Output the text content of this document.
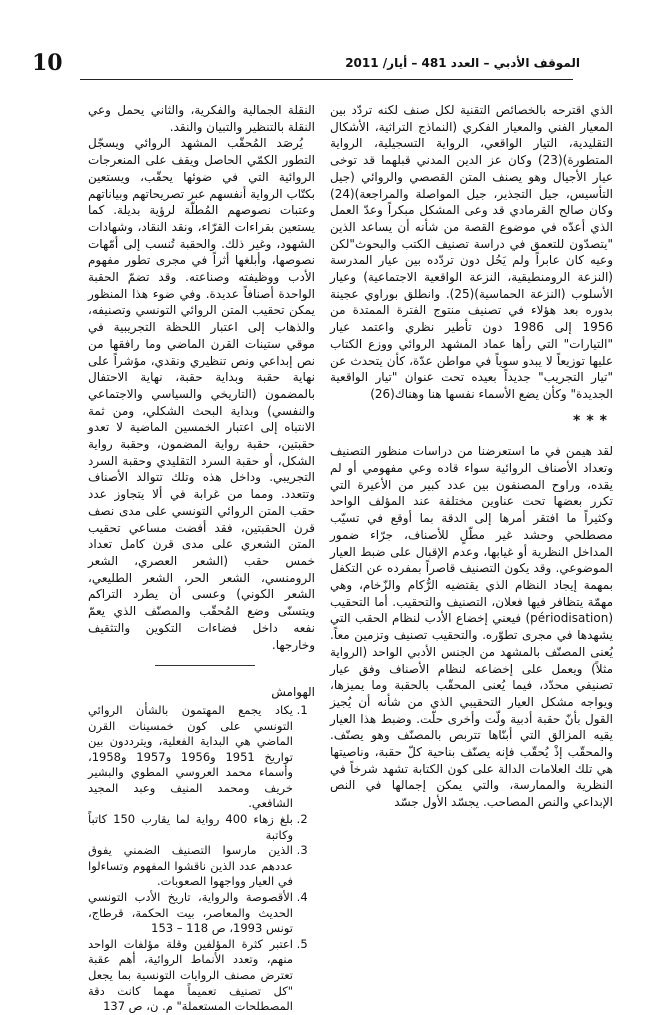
10	الموقف الأدبي – العدد 481 – أيار/ 2011

الذي اقترحه بالخصائص التقنية لكل صنف لكنه تردّد بين المعيار الفني والمعيار الفكري (النماذج التراثية، الأشكال التقليدية، التيار الواقعي، الرواية التسجيلية، الرواية المتطورة)(23) وكان عز الدين المدني قبلهما قد توخى عيار الأجيال وهو يصنف المتن القصصي والروائي (جيل التأسيس، جيل التجذير، جيل المواصلة والمراجعة)(24) وكان صالح القرمادي قد وعى المشكل مبكراً وعدّ العمل الذي أعدّه في موضوع القصة من شأنه أن يساعد الذين "يتصدّون للتعمق في دراسة تصنيف الكتب والبحوث"لكن وعيه كان عابراً ولم يَحُل دون تردّده بين عيار المدرسة (النزعة الرومنطيقية، النزعة الواقعية الاجتماعية) وعيار الأسلوب (النزعة الحماسية)(25). وانطلق بوراوي عجينة بدوره بعد هؤلاء في تصنيف منتوج الفترة الممتدة من 1956 إلى 1986 دون تأطير نظري واعتمد عيار "التيارات" التي رأها عماد المشهد الروائي ووزع الكتاب عليها توزيعاً لا يبدو سوياً في مواطن عدّة، كأن يتحدث عن "تيار التجريب" جديداً بعيده تحت عنوان "تيار الواقعية الجديدة" وكأن يضع الأسماء نفسها هنا وهناك(26)

***

لقد هيمن في ما استعرضنا من دراسات منظور التصنيف وتعداد الأصناف الروائية سواء قاده وعي مفهومي أو لم يقده، وراوح المصنفون بين عدد كبير من الأعيرة التي تكرر بعضها تحت عناوين مختلفة عند المؤلف الواحد وكثيراً ما افتقر أمرها إلى الدقة بما أوقع في تسيّب مصطلحي وحشد غير مطّلٍ للأصناف، جرّاء ضمور المداخل النظرية أو غيابها، وعدم الإقبال على ضبط العيار الموضوعي. وقد يكون التصنيف قاصراً بمفرده عن التكفل بمهمة إيجاد النظام الذي يقتضيه الرُّكام والزّخام، وهي مهمّة يتظافر فيها فعلان، التصنيف والتحقيب. أما التحقيب (périodisation) فيعني إخضاع الأدب لنظام الحقب التي يشهدها في مجرى تطوّره. والتحقيب تصنيف وتزمين معاً. يُعنى المصنّف بالمشهد من الجنس الأدبي الواحد (الرواية مثلاً) ويعمل على إخضاعه لنظام الأصناف وفق عيار تصنيفي محدّد، فيما يُعنى المحقّب بالحقبة وما يميزها، ويواجه مشكل العيار التحقيبي الذي من شأنه أن يُجيز القول بأنّ حقبة أدبية ولّت وأخرى حلّت. وضبط هذا العيار يقيه المزالق التي أبنّاها تتربص بالمصنّف وهو يصنّف. والمحقّب إذْ يُحقّب فإنه يصنّف بناحية كلّ حقبة، وناصيتها هي تلك العلامات الدالة على كون الكتابة تشهد شرخاً في النظرية والممارسة، والتي يمكن إجمالها في النص الإبداعي والنص المصاحب. يجسّد الأول جسّد

النقلة الجمالية والفكرية، والثاني يحمل وعي النقلة بالتنظير والتبيان والنقد.

يُرصَد المُحقّب المشهد الروائي ويسجّل التطور الكمّي الحاصل ويقف على المنعرجات الروائية التي في ضوئها يحقّب، ويستعين بكتّاب الرواية أنفسهم عبر تصريحاتهم وبياناتهم وعتبات نصوصهم المُطلّة لرؤية بديلة. كما يستعين بقراءات القرّاء، ونقد النقاد، وشهادات الشهود، وغير ذلك. والحقبة تُنسب إلى أمّهات نصوصها، وأبلغها أثراً في مجرى تطور مفهوم الأدب ووظيفته وصناعته. وقد تضمّ الحقبة الواحدة أصنافاً عديدة. وفي ضوء هذا المنظور يمكن تحقيب المتن الروائي التونسي وتصنيفه، والذهاب إلى اعتبار اللحظة التجريبية في موقي ستينات القرن الماضي وما رافقها من نص إبداعي ونص تنظيري ونقدي، مؤشراً على نهاية حقبة وبداية حقبة، نهاية الاحتفال بالمضمون (التاريخي والسياسي والاجتماعي والنفسي) وبداية البحث الشكلي، ومن ثمة الانتباه إلى اعتبار الخمسين الماضية لا تعدو حقبتين، حقبة رواية المضمون، وحقبة رواية الشكل، أو حقبة السرد التقليدي وحقبة السرد التجريبي. وداخل هذه وتلك تتوالد الأصناف وتتعدد. ومما من غرابة في ألا يتجاوز عدد حقب المتن الروائي التونسي على مدى نصف قرن الحقبتين، فقد أفضت مساعي تحقيب المتن الشعري على مدى قرن كامل تعداد خمس حقب (الشعر العصري، الشعر الرومنسي، الشعر الحر، الشعر الطليعي، الشعر الكوني) وعسى أن يطرد التراكم ويتسنّى وضع المُحقّب والمصنّف الذي يعمّ نفعه داخل فضاءات التكوين والتثقيف وخارجها.

الهوامش
1. يكاد يجمع المهتمون بالشأن الروائي التونسي على كون خمسينات القرن الماضي هي البداية الفعلية، ويترددون بين تواريخ 1951 و1956 و1957 و1958، وأسماء محمد العروسي المطوي والبشير خريف ومحمد المنيف وعبد المجيد الشافعي.
2. بلغ زهاء 400 رواية لما يقارب 150 كاتباً وكاتبة
3. الذين مارسوا التصنيف الضمني يفوق عددهم عدد الذين ناقشوا المفهوم وتساءلوا في العيار وواجهوا الصعوبات.
4. الأقصوصة والرواية، تاريخ الأدب التونسي الحديث والمعاصر، بيت الحكمة، قرطاج، تونس 1993، ص 118 – 153
5. اعتبر كثرة المؤلفين وقلة مؤلفات الواحد منهم، وتعدد الأنماط الروائية، أهم عقبة تعترض مصنف الروايات التونسية بما يجعل "كل تصنيف تعميماً مهما كانت دقة المصطلحات المستعملة" م. ن، ص 137
